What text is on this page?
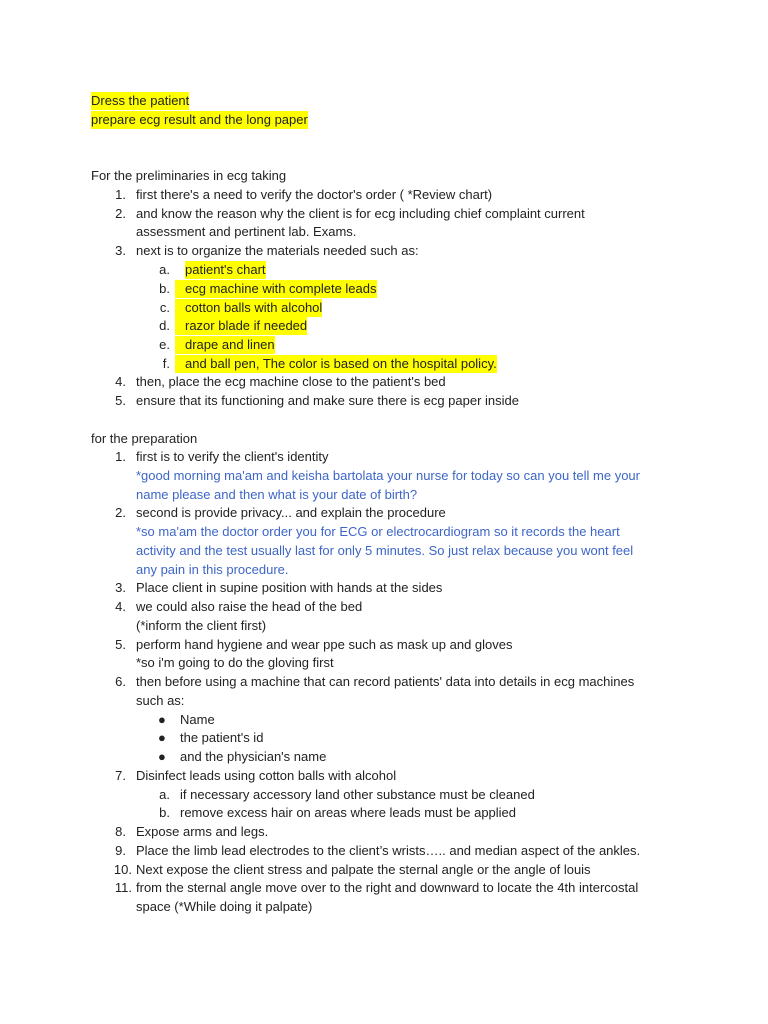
Dress the patient
prepare ecg result and the long paper
For the preliminaries in ecg taking
1. first there's a need to verify the doctor's order ( *Review chart)
2. and know the reason why the client is for ecg including chief complaint current
assessment and pertinent lab. Exams.
3. next is to organize the materials needed such as:
a. patient's chart
b.	ecg machine with complete leads
c.	cotton balls with alcohol
d.	razor blade if needed
e.	drape and linen
f.	and ball pen, The color is based on the hospital policy.
4. then, place the ecg machine close to the patient's bed
5. ensure that its functioning and make sure there is ecg paper inside
for the preparation
1. first is to verify the client's identity
*good morning ma'am and keisha bartolata your nurse for today so can you tell me your
name please and then what is your date of birth?
2. second is provide privacy... and explain the procedure
*so ma'am the doctor order you for ECG or electrocardiogram so it records the heart
activity and the test usually last for only 5 minutes. So just relax because you wont feel
any pain in this procedure.
3. Place client in supine position with hands at the sides
4. we could also raise the head of the bed
(*inform the client first)
5. perform hand hygiene and wear ppe such as mask up and gloves
*so i'm going to do the gloving first
6. then before using a machine that can record patients' data into details in ecg machines
such as:
● Name
● the patient's id
● and the physician's name
7. Disinfect leads using cotton balls with alcohol
a. if necessary accessory land other substance must be cleaned
b. remove excess hair on areas where leads must be applied
8. Expose arms and legs.
9. Place the limb lead electrodes to the client’s wrists….. and median aspect of the ankles.
10. Next expose the client stress and palpate the sternal angle or the angle of louis
11. from the sternal angle move over to the right and downward to locate the 4th intercostal
space (*While doing it palpate)
